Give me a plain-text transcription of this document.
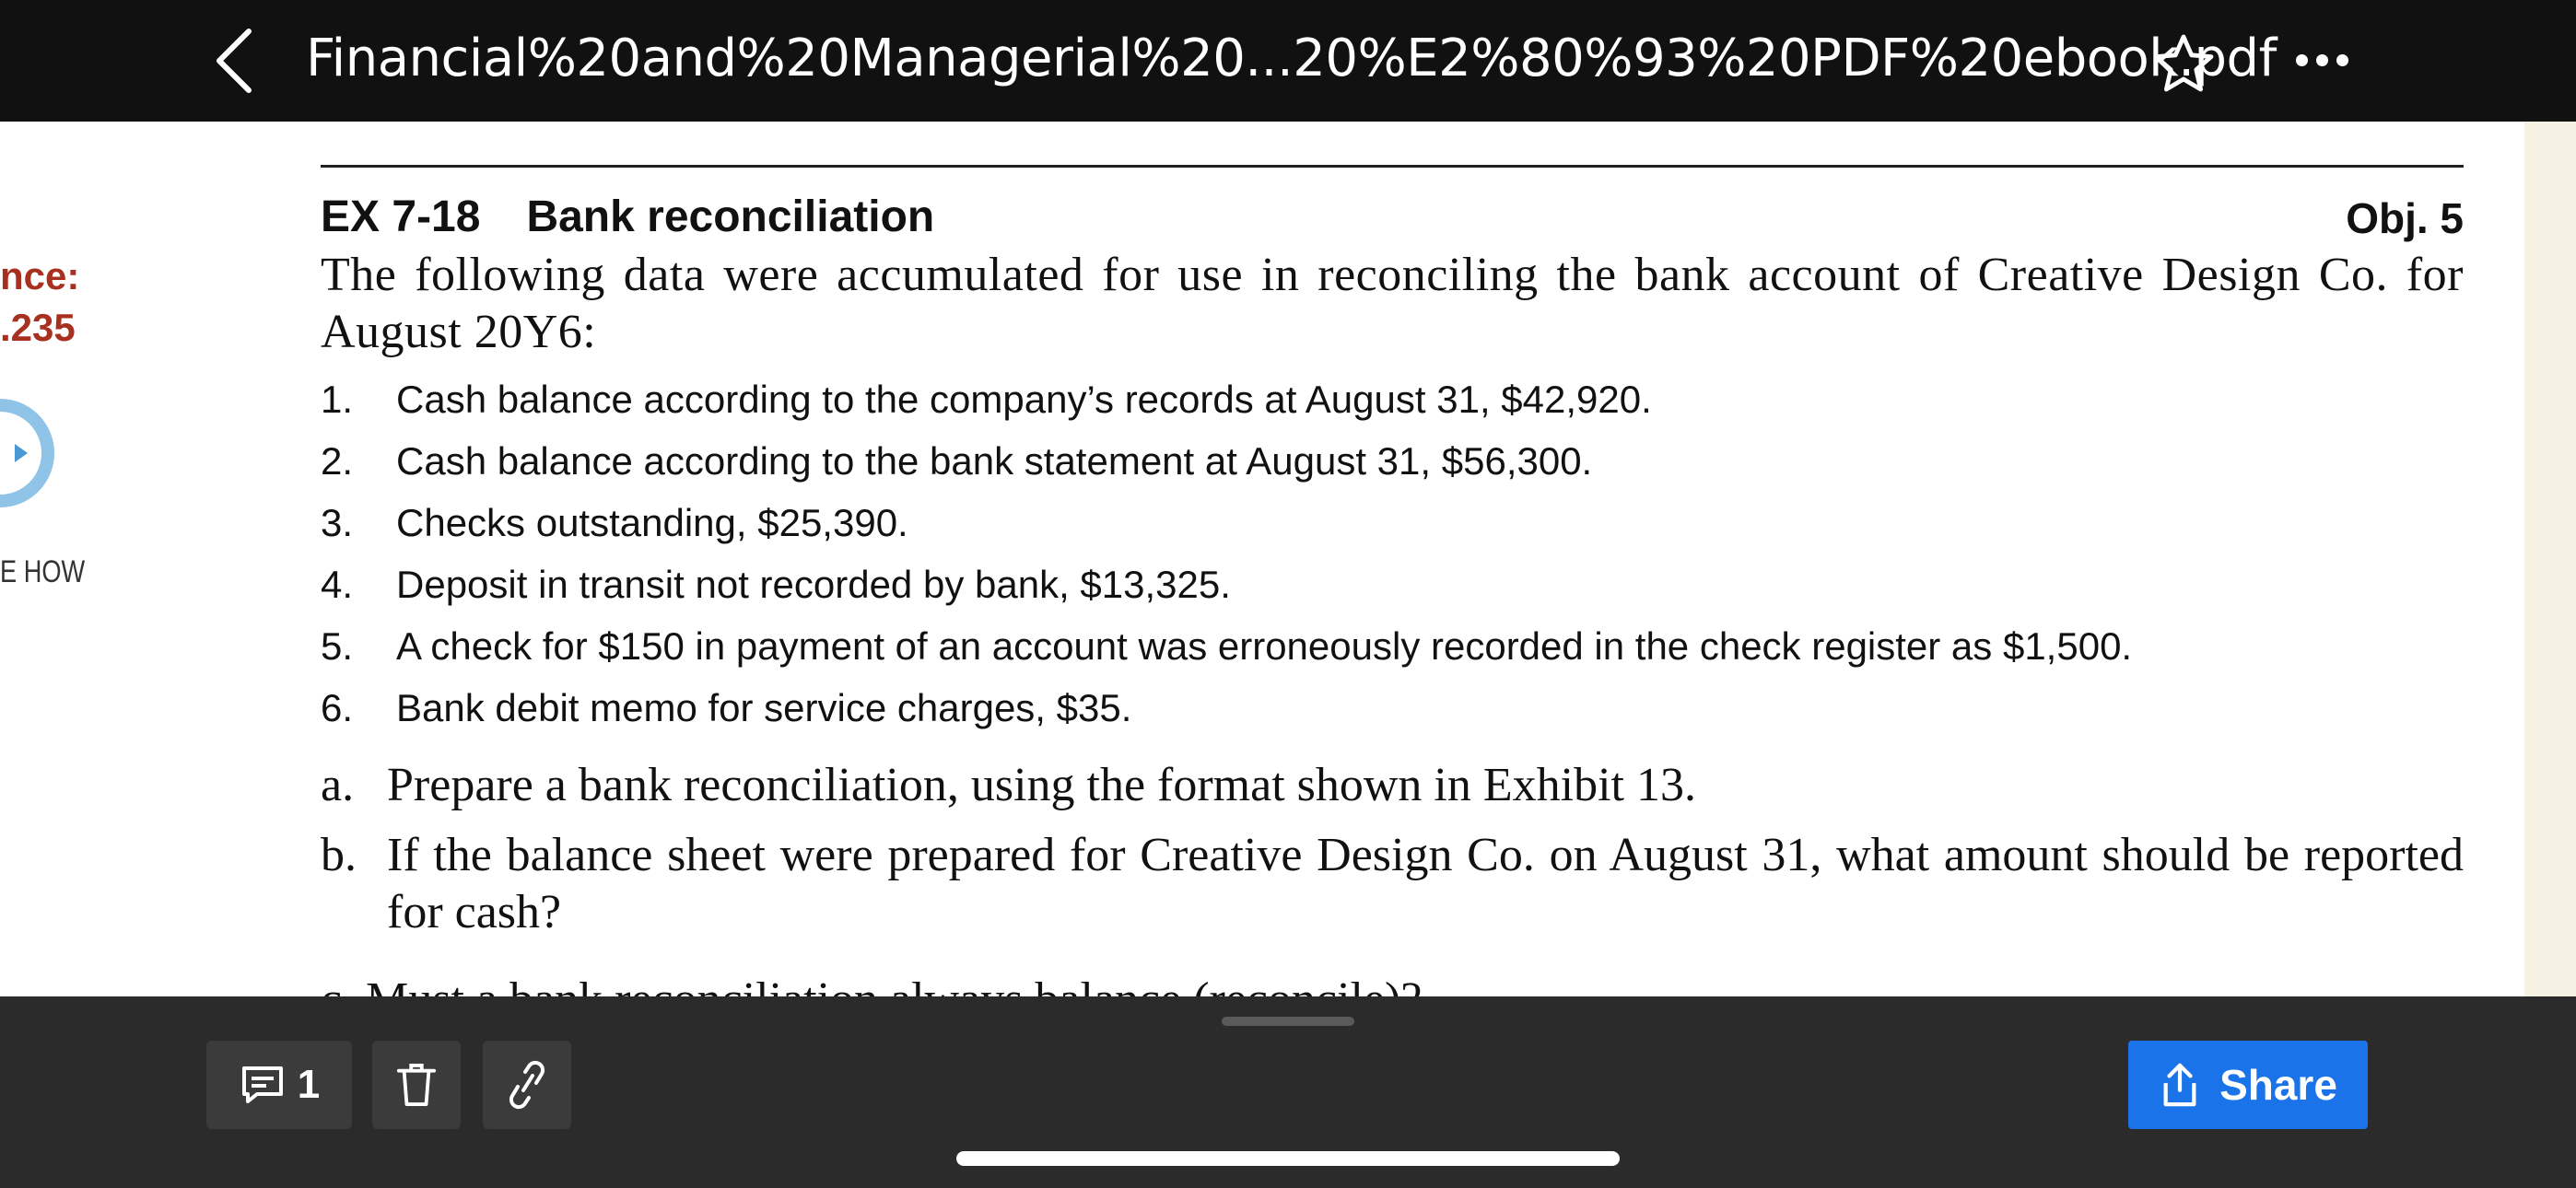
Financial%20and%20Managerial%20...20%E2%80%93%20PDF%20ebook.pdf
nce:
.235
E HOW
EX 7-18 Bank reconciliation	Obj. 5
The following data were accumulated for use in reconciling the bank account of Creative Design Co. for August 20Y6:
1.	Cash balance according to the company’s records at August 31, $42,920.
2.	Cash balance according to the bank statement at August 31, $56,300.
3.	Checks outstanding, $25,390.
4.	Deposit in transit not recorded by bank, $13,325.
5.	A check for $150 in payment of an account was erroneously recorded in the check register as $1,500.
6.	Bank debit memo for service charges, $35.
a. Prepare a bank reconciliation, using the format shown in Exhibit 13.
b. If the balance sheet were prepared for Creative Design Co. on August 31, what amount should be reported for cash?
1	Share
